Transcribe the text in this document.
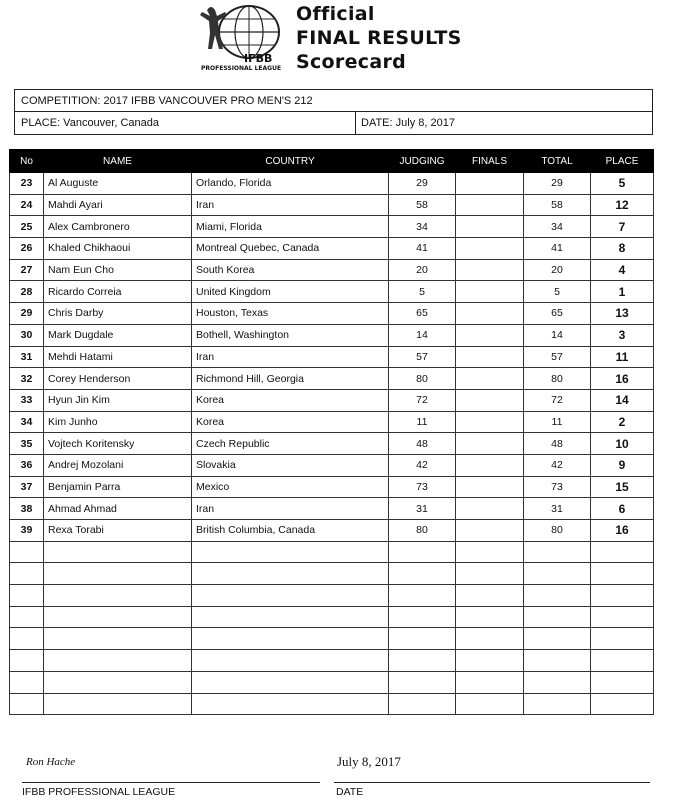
IFBB
PROFESSIONAL LEAGUE
Official
FINAL RESULTS
Scorecard
COMPETITION: 2017 IFBB VANCOUVER PRO MEN'S 212
PLACE: Vancouver, Canada	DATE: July 8, 2017
No	NAME	COUNTRY	JUDGING	FINALS	TOTAL	PLACE
23	Al Auguste	Orlando, Florida	29		29	5
24	Mahdi Ayari	Iran	58		58	12
25	Alex Cambronero	Miami, Florida	34		34	7
26	Khaled Chikhaoui	Montreal Quebec, Canada	41		41	8
27	Nam Eun Cho	South Korea	20		20	4
28	Ricardo Correia	United Kingdom	5		5	1
29	Chris Darby	Houston, Texas	65		65	13
30	Mark Dugdale	Bothell, Washington	14		14	3
31	Mehdi Hatami	Iran	57		57	11
32	Corey Henderson	Richmond Hill, Georgia	80		80	16
33	Hyun Jin Kim	Korea	72		72	14
34	Kim Junho	Korea	11		11	2
35	Vojtech Koritensky	Czech Republic	48		48	10
36	Andrej Mozolani	Slovakia	42		42	9
37	Benjamin Parra	Mexico	73		73	15
38	Ahmad Ahmad	Iran	31		31	6
39	Rexa Torabi	British Columbia, Canada	80		80	16

Ron Hache
IFBB PROFESSIONAL LEAGUE
July 8, 2017
DATE
